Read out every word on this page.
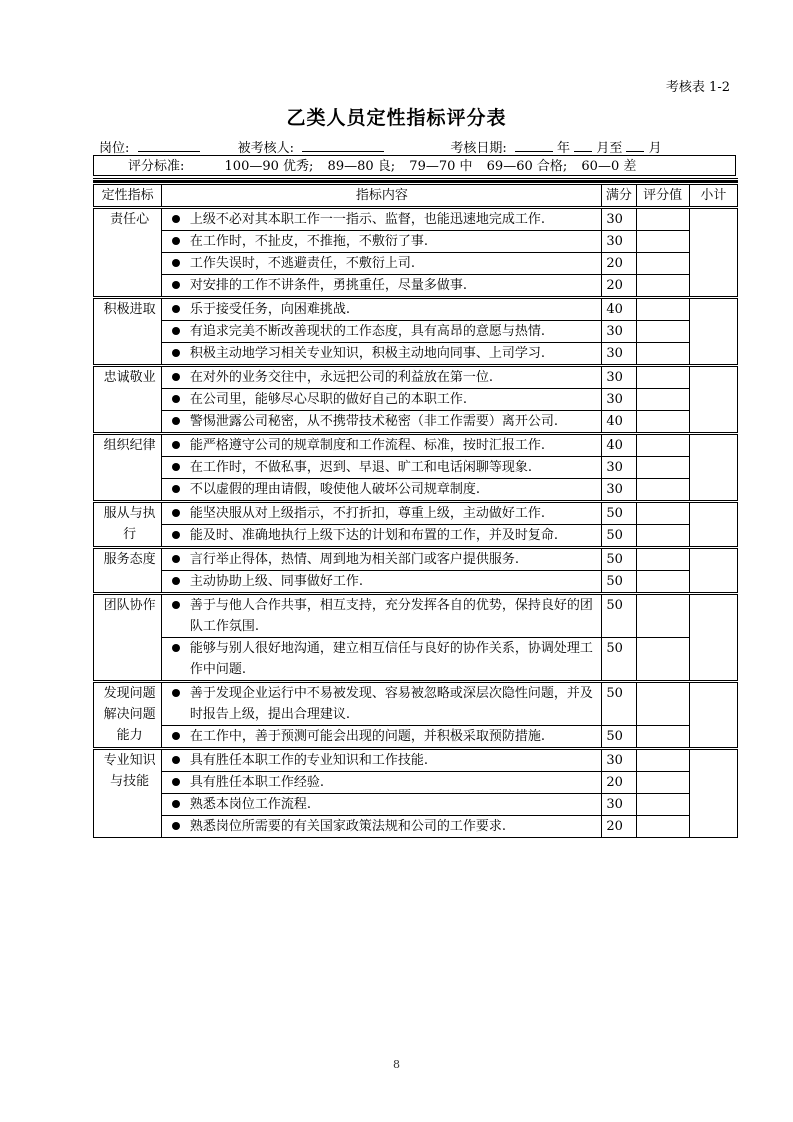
考核表 1-2
乙类人员定性指标评分表
岗位:	被考核人:	考核日期:	年 月至 月
评分标准:	100—90 优秀; 89—80 良; 79—70 中 69—60 合格; 60—0 差
定性指标	指标内容		满分	评分值	小计
责任心		上级不必对其本职工作一一指示、监督，也能迅速地完成工作.	30		
		在工作时，不扯皮，不推拖，不敷衍了事.	30		
		工作失误时，不逃避责任，不敷衍上司.	20		
		对安排的工作不讲条件，勇挑重任，尽量多做事.	20		
积极进取		乐于接受任务，向困难挑战.	40		
		有追求完美不断改善现状的工作态度，具有高昂的意愿与热情.	30		
		积极主动地学习相关专业知识，积极主动地向同事、上司学习.	30		
忠诚敬业		在对外的业务交往中，永远把公司的利益放在第一位.	30		
		在公司里，能够尽心尽职的做好自己的本职工作.	30		
		警惕泄露公司秘密，从不携带技术秘密（非工作需要）离开公司.	40		
组织纪律		能严格遵守公司的规章制度和工作流程、标准，按时汇报工作.	40		
		在工作时，不做私事，迟到、早退、旷工和电话闲聊等现象.	30		
		不以虚假的理由请假，唆使他人破坏公司规章制度.	30		
服从与执行		能坚决服从对上级指示，不打折扣，尊重上级，主动做好工作.	50		
		能及时、准确地执行上级下达的计划和布置的工作，并及时复命.	50		
服务态度		言行举止得体，热情、周到地为相关部门或客户提供服务.	50		
		主动协助上级、同事做好工作.	50		
团队协作		善于与他人合作共事，相互支持，充分发挥各自的优势，保持良好的团队工作氛围.	50		
		能够与别人很好地沟通，建立相互信任与良好的协作关系，协调处理工作中问题.	50		
发现问题解决问题能力		善于发现企业运行中不易被发现、容易被忽略或深层次隐性问题，并及时报告上级，提出合理建议.	50		
		在工作中，善于预测可能会出现的问题，并积极采取预防措施.	50		
专业知识与技能		具有胜任本职工作的专业知识和工作技能.	30		
		具有胜任本职工作经验.	20		
		熟悉本岗位工作流程.	30		
		熟悉岗位所需要的有关国家政策法规和公司的工作要求.	20		
8
